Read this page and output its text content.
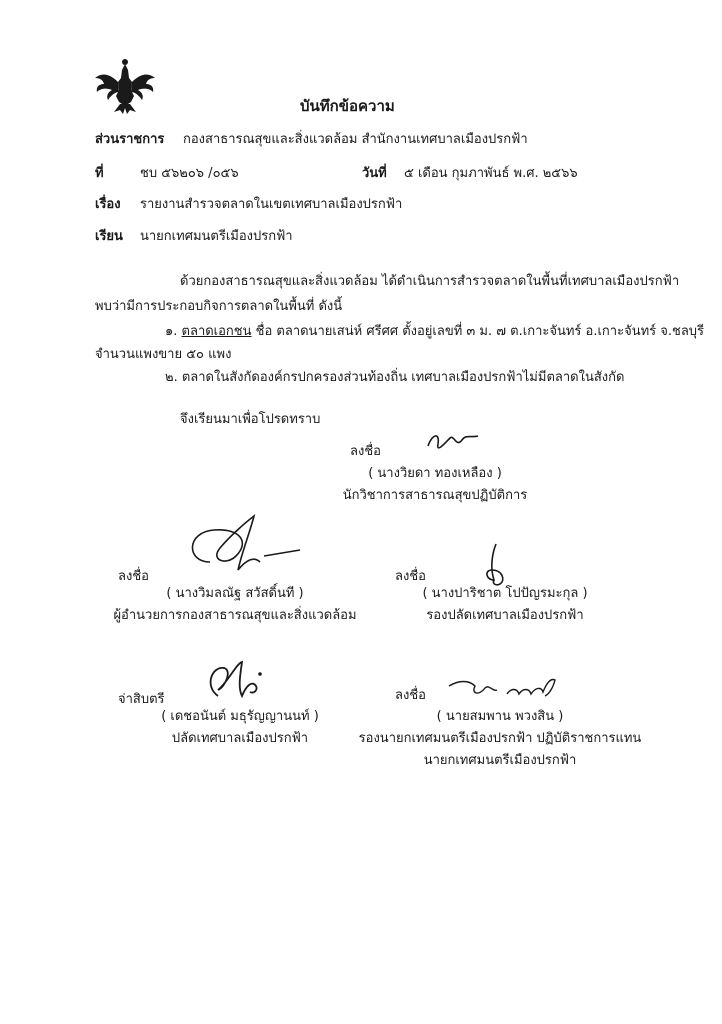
บันทึกข้อความ
ส่วนราชการ กองสาธารณสุขและสิ่งแวดล้อม สำนักงานเทศบาลเมืองปรกฟ้า
ที่	ชบ ๕๖๒๐๖ /๐๕๖	วันที่ ๕ เดือน กุมภาพันธ์ พ.ศ. ๒๕๖๖
เรื่อง รายงานสำรวจตลาดในเขตเทศบาลเมืองปรกฟ้า
เรียน นายกเทศมนตรีเมืองปรกฟ้า
ด้วยกองสาธารณสุขและสิ่งแวดล้อม ได้ดำเนินการสำรวจตลาดในพื้นที่เทศบาลเมืองปรกฟ้า
พบว่ามีการประกอบกิจการตลาดในพื้นที่ ดังนี้
๑. ตลาดเอกชน ชื่อ ตลาดนายเสน่ห์ ศรีศศ ตั้งอยู่เลขที่ ๓ ม. ๗ ต.เกาะจันทร์ อ.เกาะจันทร์ จ.ชลบุรี
จำนวนแพงขาย ๕๐ แพง
๒. ตลาดในสังกัดองค์กรปกครองส่วนท้องถิ่น เทศบาลเมืองปรกฟ้าไม่มีตลาดในสังกัด
จึงเรียนมาเพื่อโปรดทราบ
ลงชื่อ
( นางวิยดา ทองเหลือง )
นักวิชาการสาธารณสุขปฏิบัติการ
ลงชื่อ
( นางวิมลณัฐ สวัสดิ์นที )
ผู้อำนวยการกองสาธารณสุขและสิ่งแวดล้อม
ลงชื่อ
( นางปาริชาต โปปัญรมะกุล )
รองปลัดเทศบาลเมืองปรกฟ้า
จ่าสิบตรี
( เดชอนันต์ มธุรัญญานนท์ )
ปลัดเทศบาลเมืองปรกฟ้า
ลงชื่อ
( นายสมพาน พวงสิน )
รองนายกเทศมนตรีเมืองปรกฟ้า ปฏิบัติราชการแทน
นายกเทศมนตรีเมืองปรกฟ้า
